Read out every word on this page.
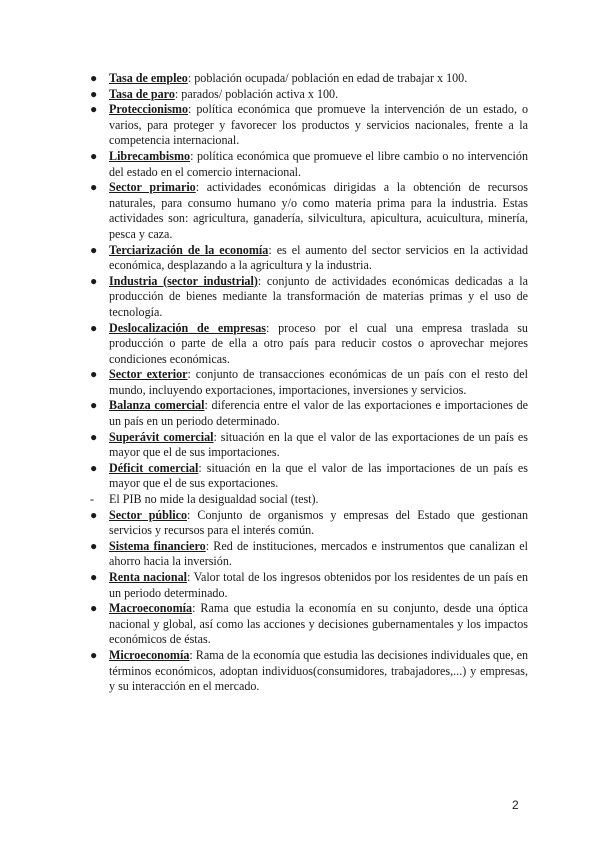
● Tasa de empleo: población ocupada/ población en edad de trabajar x 100.
● Tasa de paro: parados/ población activa x 100.
● Proteccionismo: política económica que promueve la intervención de un estado, o varios, para proteger y favorecer los productos y servicios nacionales, frente a la competencia internacional.
● Librecambismo: política económica que promueve el libre cambio o no intervención del estado en el comercio internacional.
● Sector primario: actividades económicas dirigidas a la obtención de recursos naturales, para consumo humano y/o como materia prima para la industria. Estas actividades son: agricultura, ganadería, silvicultura, apicultura, acuicultura, minería, pesca y caza.
● Terciarización de la economía: es el aumento del sector servicios en la actividad económica, desplazando a la agricultura y la industria.
● Industria (sector industrial): conjunto de actividades económicas dedicadas a la producción de bienes mediante la transformación de materias primas y el uso de tecnología.
● Deslocalización de empresas: proceso por el cual una empresa traslada su producción o parte de ella a otro país para reducir costos o aprovechar mejores condiciones económicas.
● Sector exterior: conjunto de transacciones económicas de un país con el resto del mundo, incluyendo exportaciones, importaciones, inversiones y servicios.
● Balanza comercial: diferencia entre el valor de las exportaciones e importaciones de un país en un periodo determinado.
● Superávit comercial: situación en la que el valor de las exportaciones de un país es mayor que el de sus importaciones.
● Déficit comercial: situación en la que el valor de las importaciones de un país es mayor que el de sus exportaciones.
-	El PIB no mide la desigualdad social (test).
● Sector público: Conjunto de organismos y empresas del Estado que gestionan servicios y recursos para el interés común.
● Sistema financiero: Red de instituciones, mercados e instrumentos que canalizan el ahorro hacia la inversión.
● Renta nacional: Valor total de los ingresos obtenidos por los residentes de un país en un periodo determinado.
● Macroeconomía: Rama que estudia la economía en su conjunto, desde una óptica nacional y global, así como las acciones y decisiones gubernamentales y los impactos económicos de éstas.
● Microeconomía: Rama de la economía que estudia las decisiones individuales que, en términos económicos, adoptan individuos(consumidores, trabajadores,...) y empresas, y su interacción en el mercado.
2
